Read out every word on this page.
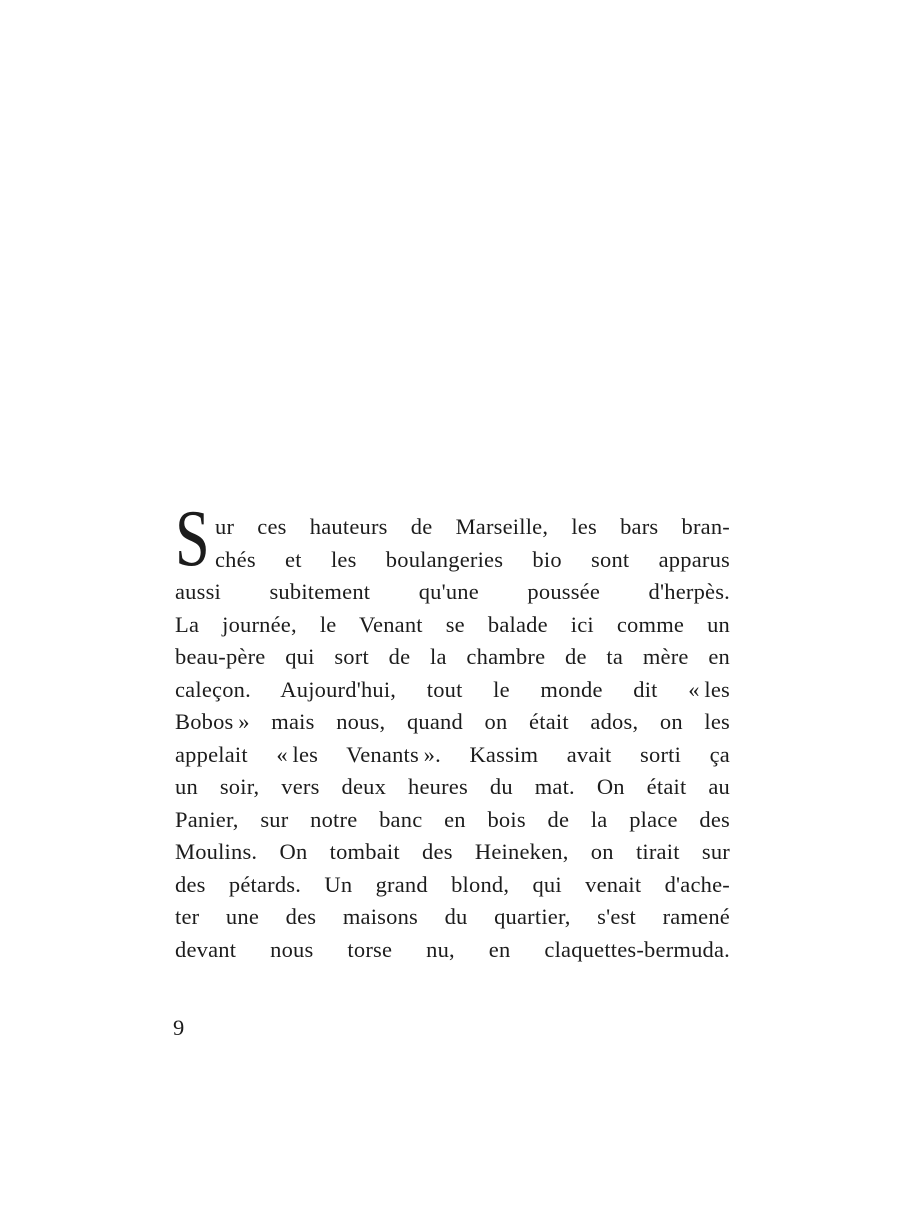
S ur ces hauteurs de Marseille, les bars bran-
chés et les boulangeries bio sont apparus
aussi subitement qu'une poussée d'herpès.
La journée, le Venant se balade ici comme un
beau-père qui sort de la chambre de ta mère en
caleçon. Aujourd'hui, tout le monde dit « les
Bobos » mais nous, quand on était ados, on les
appelait « les Venants ». Kassim avait sorti ça
un soir, vers deux heures du mat. On était au
Panier, sur notre banc en bois de la place des
Moulins. On tombait des Heineken, on tirait sur
des pétards. Un grand blond, qui venait d'ache-
ter une des maisons du quartier, s'est ramené
devant nous torse nu, en claquettes-bermuda.
9
